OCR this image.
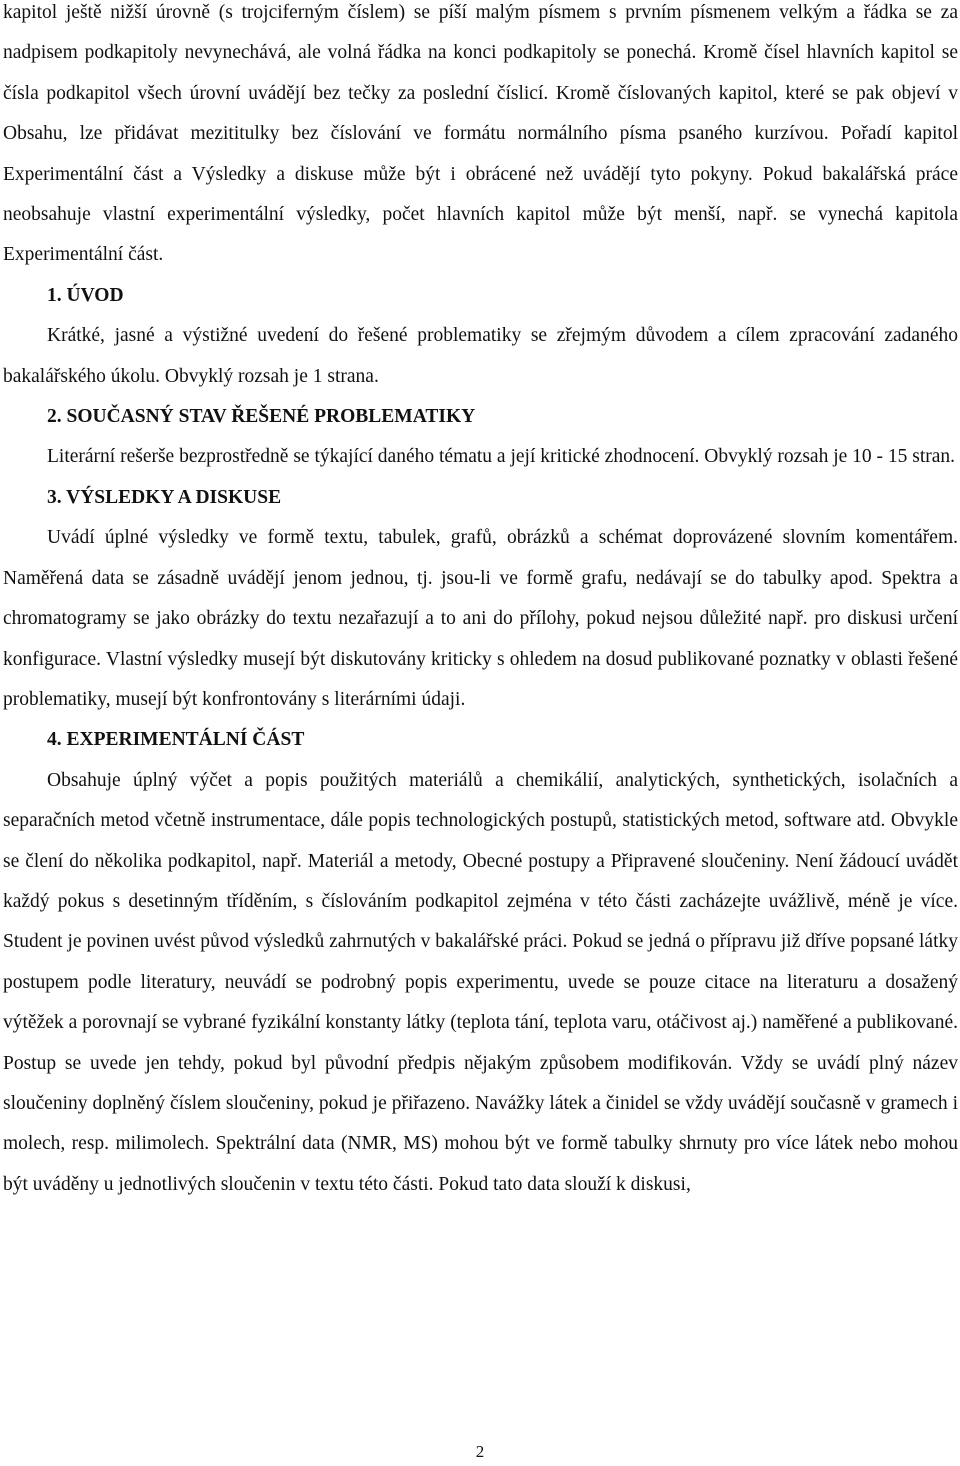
kapitol ještě nižší úrovně (s trojciferným číslem) se píší malým písmem s prvním písmenem velkým a řádka se za nadpisem podkapitoly nevynechává, ale volná řádka na konci podkapitoly se ponechá. Kromě čísel hlavních kapitol se čísla podkapitol všech úrovní uvádějí bez tečky za poslední číslicí. Kromě číslovaných kapitol, které se pak objeví v Obsahu, lze přidávat mezititulky bez číslování ve formátu normálního písma psaného kurzívou. Pořadí kapitol Experimentální část a Výsledky a diskuse může být i obrácené než uvádějí tyto pokyny. Pokud bakalářská práce neobsahuje vlastní experimentální výsledky, počet hlavních kapitol může být menší, např. se vynechá kapitola Experimentální část.

1. ÚVOD

Krátké, jasné a výstižné uvedení do řešené problematiky se zřejmým důvodem a cílem zpracování zadaného bakalářského úkolu. Obvyklý rozsah je 1 strana.

2. SOUČASNÝ STAV ŘEŠENÉ PROBLEMATIKY

Literární rešerše bezprostředně se týkající daného tématu a její kritické zhodnocení. Obvyklý rozsah je 10 - 15 stran.

3. VÝSLEDKY A DISKUSE

Uvádí úplné výsledky ve formě textu, tabulek, grafů, obrázků a schémat doprovázené slovním komentářem. Naměřená data se zásadně uvádějí jenom jednou, tj. jsou-li ve formě grafu, nedávají se do tabulky apod. Spektra a chromatogramy se jako obrázky do textu nezařazují a to ani do přílohy, pokud nejsou důležité např. pro diskusi určení konfigurace. Vlastní výsledky musejí být diskutovány kriticky s ohledem na dosud publikované poznatky v oblasti řešené problematiky, musejí být konfrontovány s literárními údaji.

4. EXPERIMENTÁLNÍ ČÁST

Obsahuje úplný výčet a popis použitých materiálů a chemikálií, analytických, synthetických, isolačních a separačních metod včetně instrumentace, dále popis technologických postupů, statistických metod, software atd. Obvykle se člení do několika podkapitol, např. Materiál a metody, Obecné postupy a Připravené sloučeniny. Není žádoucí uvádět každý pokus s desetinným tříděním, s číslováním podkapitol zejména v této části zacházejte uvážlivě, méně je více. Student je povinen uvést původ výsledků zahrnutých v bakalářské práci. Pokud se jedná o přípravu již dříve popsané látky postupem podle literatury, neuvádí se podrobný popis experimentu, uvede se pouze citace na literaturu a dosažený výtěžek a porovnají se vybrané fyzikální konstanty látky (teplota tání, teplota varu, otáčivost aj.) naměřené a publikované. Postup se uvede jen tehdy, pokud byl původní předpis nějakým způsobem modifikován. Vždy se uvádí plný název sloučeniny doplněný číslem sloučeniny, pokud je přiřazeno. Navážky látek a činidel se vždy uvádějí současně v gramech i molech, resp. milimolech. Spektrální data (NMR, MS) mohou být ve formě tabulky shrnuty pro více látek nebo mohou být uváděny u jednotlivých sloučenin v textu této části. Pokud tato data slouží k diskusi,

2
